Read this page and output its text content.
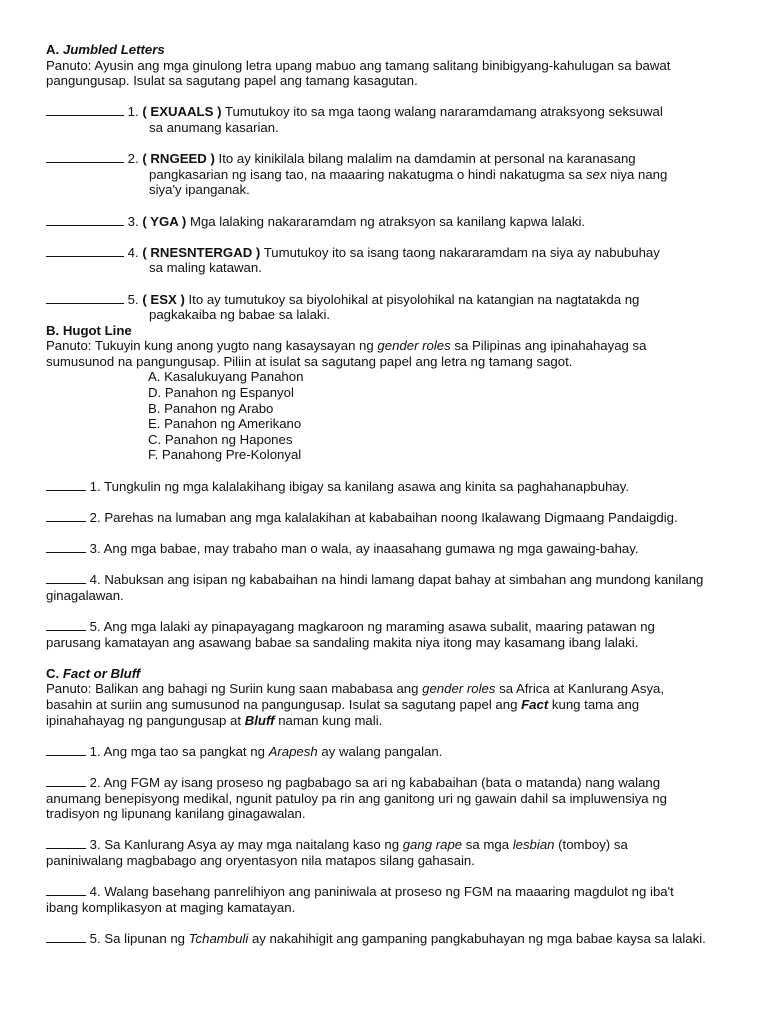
A. Jumbled Letters

Panuto: Ayusin ang mga ginulong letra upang mabuo ang tamang salitang binibigyang-kahulugan sa bawat pangungusap. Isulat sa sagutang papel ang tamang kasagutan.

1. ( EXUAALS ) Tumutukoy ito sa mga taong walang nararamdamang atraksyong seksuwal
sa anumang kasarian.
2. ( RNGEED ) Ito ay kinikilala bilang malalim na damdamin at personal na karanasang
pangkasarian ng isang tao, na maaaring nakatugma o hindi nakatugma sa sex niya nang
siya'y ipanganak.
3. ( YGA ) Mga lalaking nakararamdam ng atraksyon sa kanilang kapwa lalaki.
4. ( RNESNTERGAD ) Tumutukoy ito sa isang taong nakararamdam na siya ay nabubuhay
sa maling katawan.
5. ( ESX ) Ito ay tumutukoy sa biyolohikal at pisyolohikal na katangian na nagtatakda ng
pagkakaiba ng babae sa lalaki.

B. Hugot Line

Panuto: Tukuyin kung anong yugto nang kasaysayan ng gender roles sa Pilipinas ang ipinahahayag sa sumusunod na pangungusap. Piliin at isulat sa sagutang papel ang letra ng tamang sagot.

A. Kasalukuyang Panahon
D. Panahon ng Espanyol
B. Panahon ng Arabo
E. Panahon ng Amerikano
C. Panahon ng Hapones
F. Panahong Pre-Kolonyal

1. Tungkulin ng mga kalalakihang ibigay sa kanilang asawa ang kinita sa paghahanapbuhay.

2. Parehas na lumaban ang mga kalalakihan at kababaihan noong Ikalawang Digmaang Pandaigdig.

3. Ang mga babae, may trabaho man o wala, ay inaasahang gumawa ng mga gawaing-bahay.

4. Nabuksan ang isipan ng kababaihan na hindi lamang dapat bahay at simbahan ang mundong kanilang ginagalawan.

5. Ang mga lalaki ay pinapayagang magkaroon ng maraming asawa subalit, maaring patawan ng parusang kamatayan ang asawang babae sa sandaling makita niya itong may kasamang ibang lalaki.

C. Fact or Bluff

Panuto: Balikan ang bahagi ng Suriin kung saan mababasa ang gender roles sa Africa at Kanlurang Asya, basahin at suriin ang sumusunod na pangungusap. Isulat sa sagutang papel ang Fact kung tama ang ipinahahayag ng pangungusap at Bluff naman kung mali.

1. Ang mga tao sa pangkat ng Arapesh ay walang pangalan.

2. Ang FGM ay isang proseso ng pagbabago sa ari ng kababaihan (bata o matanda) nang walang anumang benepisyong medikal, ngunit patuloy pa rin ang ganitong uri ng gawain dahil sa impluwensiya ng tradisyon ng lipunang kanilang ginagawalan.

3. Sa Kanlurang Asya ay may mga naitalang kaso ng gang rape sa mga lesbian (tomboy) sa paniniwalang magbabago ang oryentasyon nila matapos silang gahasain.

4. Walang basehang panrelihiyon ang paniniwala at proseso ng FGM na maaaring magdulot ng iba't ibang komplikasyon at maging kamatayan.

5. Sa lipunan ng Tchambuli ay nakahihigit ang gampaning pangkabuhayan ng mga babae kaysa sa lalaki.
